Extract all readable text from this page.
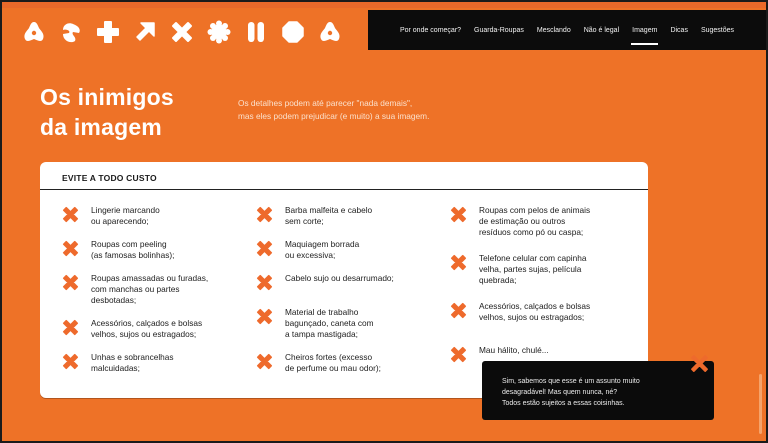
Por onde começar? Guarda-Roupas Mesclando Não é legal Imagem Dicas Sugestões
Os inimigos
da imagem

Os detalhes podem até parecer "nada demais",
mas eles podem prejudicar (e muito) a sua imagem.

EVITE A TODO CUSTO
Lingerie marcando
ou aparecendo;
Roupas com peeling
(as famosas bolinhas);
Roupas amassadas ou furadas,
com manchas ou partes
desbotadas;
Acessórios, calçados e bolsas
velhos, sujos ou estragados;
Unhas e sobrancelhas
malcuidadas;
Barba malfeita e cabelo
sem corte;
Maquiagem borrada
ou excessiva;
Cabelo sujo ou desarrumado;
Material de trabalho
bagunçado, caneta com
a tampa mastigada;
Cheiros fortes (excesso
de perfume ou mau odor);
Roupas com pelos de animais
de estimação ou outros
resíduos como pó ou caspa;
Telefone celular com capinha
velha, partes sujas, película
quebrada;
Acessórios, calçados e bolsas
velhos, sujos ou estragados;
Mau hálito, chulé...
Sim, sabemos que esse é um assunto muito
desagradável! Mas quem nunca, né?
Todos estão sujeitos a essas coisinhas.
